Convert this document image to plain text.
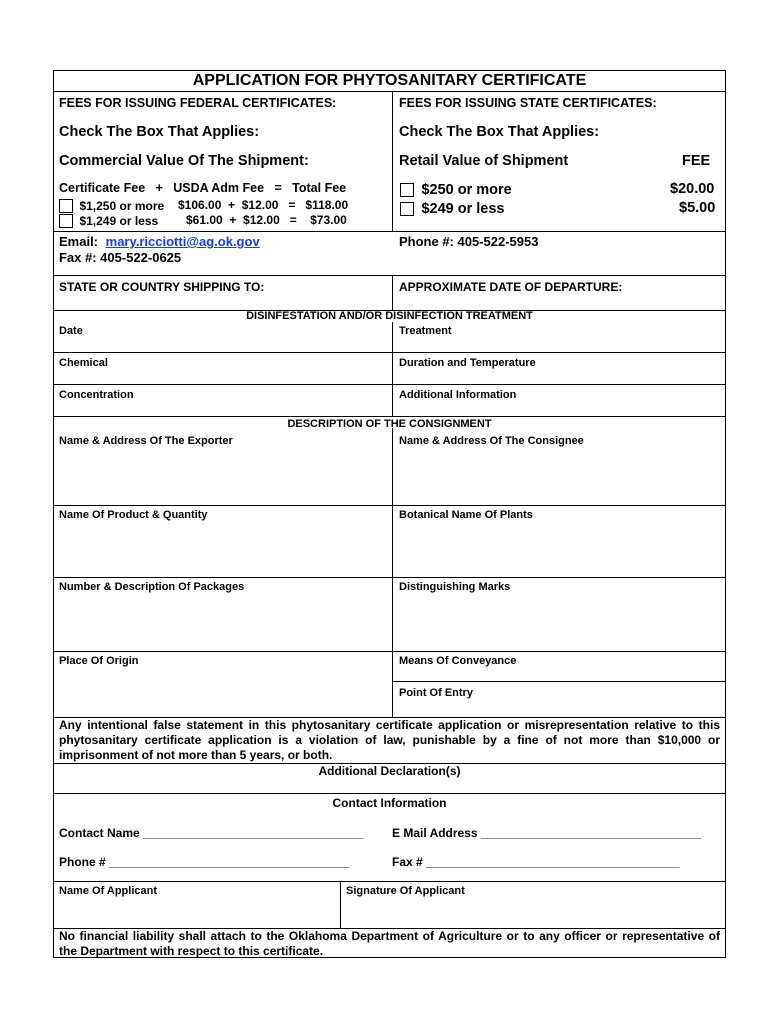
APPLICATION FOR PHYTOSANITARY CERTIFICATE
FEES FOR ISSUING FEDERAL CERTIFICATES:	FEES FOR ISSUING STATE CERTIFICATES:
Check The Box That Applies:	Check The Box That Applies:
Commercial Value Of The Shipment:	Retail Value of Shipment	FEE
Certificate Fee   +   USDA Adm Fee   =   Total Fee
$1,250 or more $106.00  +  $12.00   =   $118.00
$1,249 or less $61.00  +  $12.00   =    $73.00
$250 or more	$20.00
$249 or less	$5.00
Email: mary.ricciotti@ag.ok.gov
Fax #: 405-522-0625
Phone #: 405-522-5953
STATE OR COUNTRY SHIPPING TO:	APPROXIMATE DATE OF DEPARTURE:
DISINFESTATION AND/OR DISINFECTION TREATMENT
Date	Treatment
Chemical	Duration and Temperature
Concentration	Additional Information
DESCRIPTION OF THE CONSIGNMENT
Name & Address Of The Exporter	Name & Address Of The Consignee
Name Of Product & Quantity	Botanical Name Of Plants
Number & Description Of Packages	Distinguishing Marks
Place Of Origin	Means Of Conveyance
Point Of Entry
Any intentional false statement in this phytosanitary certificate application or misrepresentation relative to this phytosanitary certificate application is a violation of law, punishable by a fine of not more than $10,000 or imprisonment of not more than 5 years, or both.
Additional Declaration(s)
Contact Information
Contact Name _________________________________ E Mail Address _________________________________
Phone # ____________________________________	Fax # ______________________________________
Name Of Applicant	Signature Of Applicant
No financial liability shall attach to the Oklahoma Department of Agriculture or to any officer or representative of the Department with respect to this certificate.
